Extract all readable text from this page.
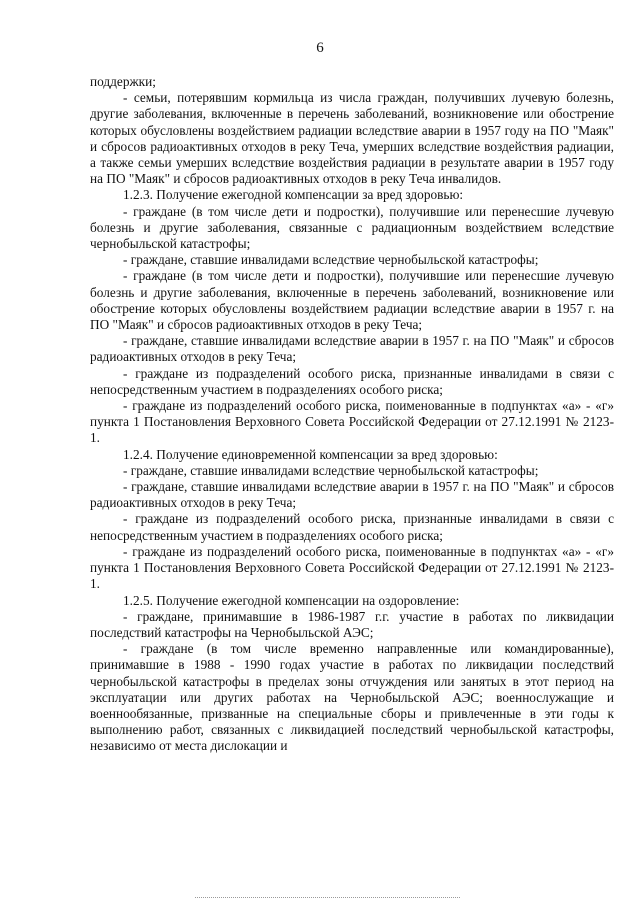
6

поддержки;

- семьи, потерявшим кормильца из числа граждан, получивших лучевую болезнь, другие заболевания, включенные в перечень заболеваний, возникновение или обострение которых обусловлены воздействием радиации вследствие аварии в 1957 году на ПО "Маяк" и сбросов радиоактивных отходов в реку Теча, умерших вследствие воздействия радиации, а также семьи умерших вследствие воздействия радиации в результате аварии в 1957 году на ПО "Маяк" и сбросов радиоактивных отходов в реку Теча инвалидов.

1.2.3. Получение ежегодной компенсации за вред здоровью:

- граждане (в том числе дети и подростки), получившие или перенесшие лучевую болезнь и другие заболевания, связанные с радиационным воздействием вследствие чернобыльской катастрофы;

- граждане, ставшие инвалидами вследствие чернобыльской катастрофы;

- граждане (в том числе дети и подростки), получившие или перенесшие лучевую болезнь и другие заболевания, включенные в перечень заболеваний, возникновение или обострение которых обусловлены воздействием радиации вследствие аварии в 1957 г. на ПО "Маяк" и сбросов радиоактивных отходов в реку Теча;

- граждане, ставшие инвалидами вследствие аварии в 1957 г. на ПО "Маяк" и сбросов радиоактивных отходов в реку Теча;

- граждане из подразделений особого риска, признанные инвалидами в связи с непосредственным участием в подразделениях особого риска;

- граждане из подразделений особого риска, поименованные в подпунктах «а» - «г» пункта 1 Постановления Верховного Совета Российской Федерации от 27.12.1991 № 2123-1.

1.2.4. Получение единовременной компенсации за вред здоровью:

- граждане, ставшие инвалидами вследствие чернобыльской катастрофы;

- граждане, ставшие инвалидами вследствие аварии в 1957 г. на ПО "Маяк" и сбросов радиоактивных отходов в реку Теча;

- граждане из подразделений особого риска, признанные инвалидами в связи с непосредственным участием в подразделениях особого риска;

- граждане из подразделений особого риска, поименованные в подпунктах «а» - «г» пункта 1 Постановления Верховного Совета Российской Федерации от 27.12.1991 № 2123-1.

1.2.5. Получение ежегодной компенсации на оздоровление:

- граждане, принимавшие в 1986-1987 г.г. участие в работах по ликвидации последствий катастрофы на Чернобыльской АЭС;

- граждане (в том числе временно направленные или командированные), принимавшие в 1988 - 1990 годах участие в работах по ликвидации последствий чернобыльской катастрофы в пределах зоны отчуждения или занятых в этот период на эксплуатации или других работах на Чернобыльской АЭС; военнослужащие и военнообязанные, призванные на специальные сборы и привлеченные в эти годы к выполнению работ, связанных с ликвидацией последствий чернобыльской катастрофы, независимо от места дислокации и
